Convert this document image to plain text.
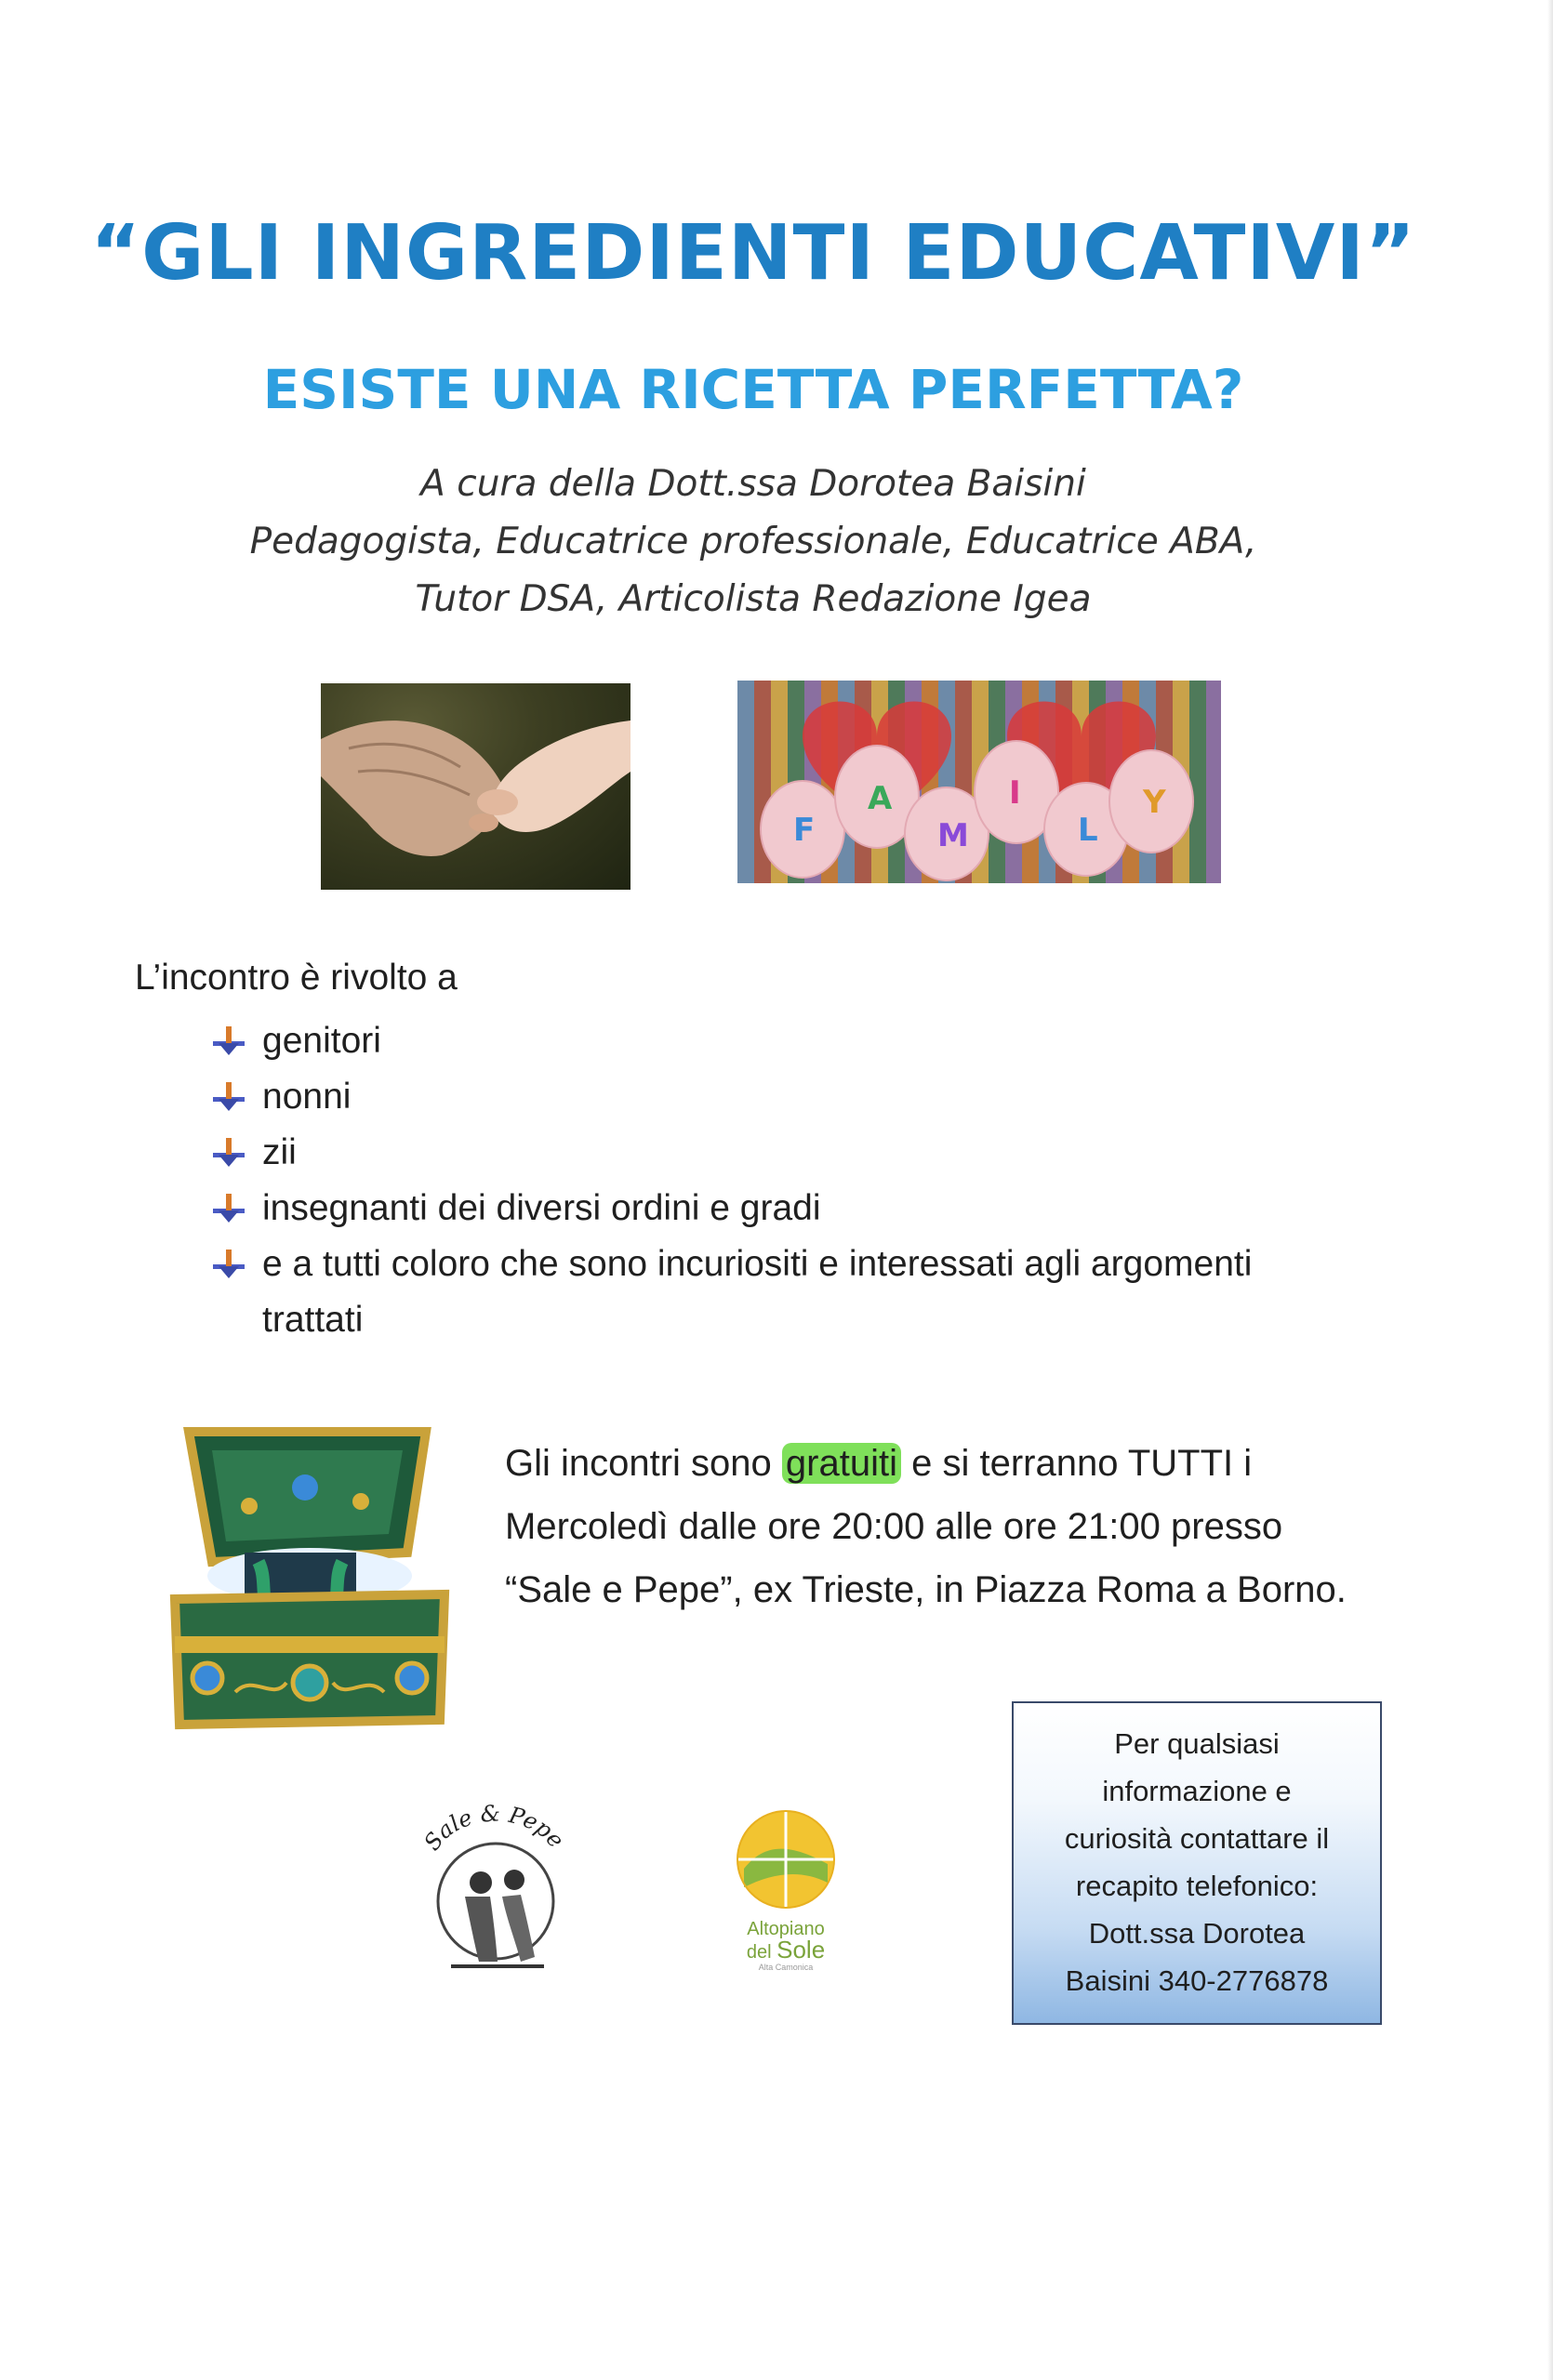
“GLI INGREDIENTI EDUCATIVI”
ESISTE UNA RICETTA PERFETTA?
A cura della Dott.ssa Dorotea Baisini
Pedagogista, Educatrice professionale, Educatrice ABA,
Tutor DSA, Articolista Redazione Igea
F
A
M
I
L
Y
L’incontro è rivolto a
genitori
nonni
zii
insegnanti dei diversi ordini e gradi
e a tutti coloro che sono incuriositi e interessati agli argomenti trattati
Gli incontri sono gratuiti e si terranno TUTTI i Mercoledì dalle ore 20:00 alle ore 21:00 presso “Sale e Pepe”, ex Trieste, in Piazza Roma a Borno.
Per qualsiasi
informazione e
curiosità contattare il
recapito telefonico:
Dott.ssa Dorotea
Baisini 340-2776878
Sale & Pepe
Altopiano
del Sole
Alta Camonica
